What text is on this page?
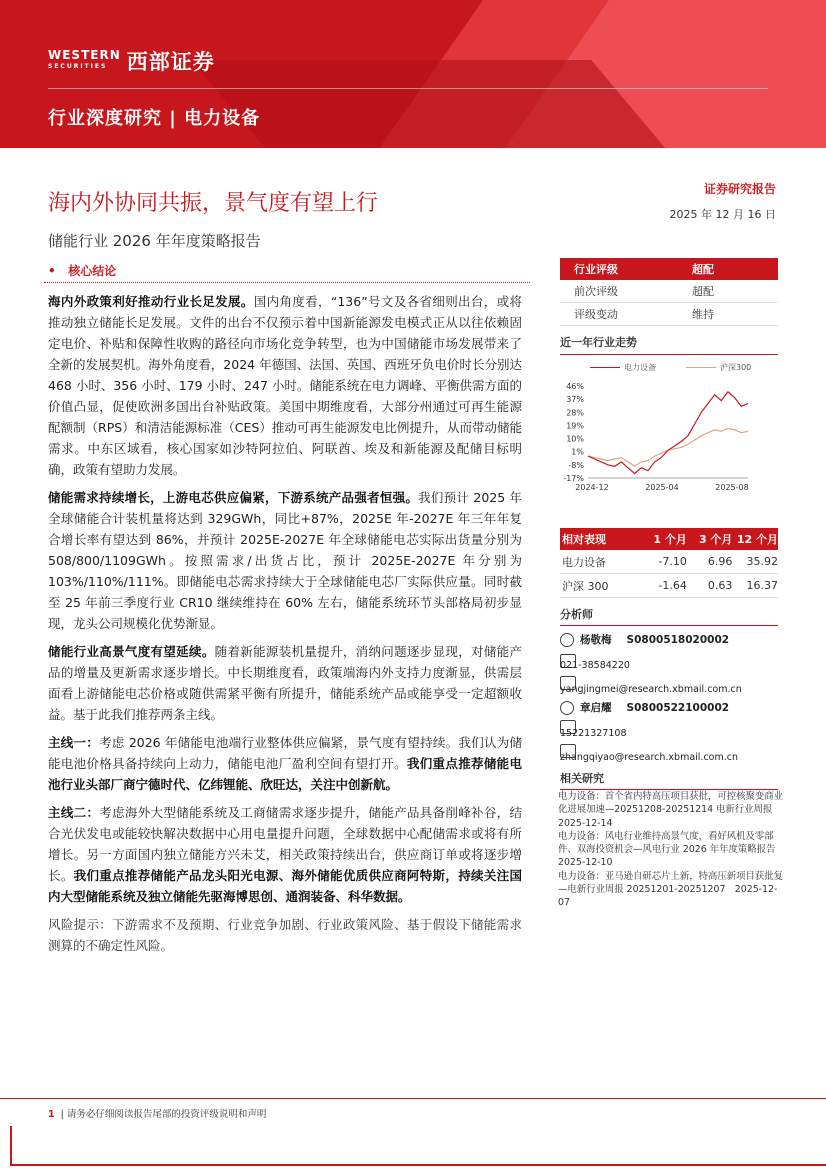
WESTERN
SECURITIES 西部证券
行业深度研究 | 电力设备
海内外协同共振，景气度有望上行
储能行业 2026 年年度策略报告
证券研究报告
2025 年 12 月 16 日
•   核心结论

海内外政策利好推动行业长足发展。国内角度看，“136”号文及各省细则出台，或将推动独立储能长足发展。文件的出台不仅预示着中国新能源发电模式正从以往依赖固定电价、补贴和保障性收购的路径向市场化竞争转型，也为中国储能市场发展带来了全新的发展契机。海外角度看，2024 年德国、法国、英国、西班牙负电价时长分别达 468 小时、356 小时、179 小时、247 小时。储能系统在电力调峰、平衡供需方面的价值凸显，促使欧洲多国出台补贴政策。美国中期维度看，大部分州通过可再生能源配额制（RPS）和清洁能源标准（CES）推动可再生能源发电比例提升，从而带动储能需求。中东区域看，核心国家如沙特阿拉伯、阿联酋、埃及和新能源及配储目标明确，政策有望助力发展。

储能需求持续增长，上游电芯供应偏紧，下游系统产品强者恒强。我们预计 2025 年全球储能合计装机量将达到 329GWh，同比+87%，2025E 年-2027E 年三年年复合增长率有望达到 86%，并预计 2025E-2027E 年全球储能电芯实际出货量分别为 508/800/1109GWh。按照需求/出货占比，预计 2025E-2027E 年分别为 103%/110%/111%。即储能电芯需求持续大于全球储能电芯厂实际供应量。同时截至 25 年前三季度行业 CR10 继续维持在 60% 左右，储能系统环节头部格局初步显现，龙头公司规模化优势渐显。

储能行业高景气度有望延续。随着新能源装机量提升，消纳问题逐步显现，对储能产品的增量及更新需求逐步增长。中长期维度看，政策端海内外支持力度渐显，供需层面看上游储能电芯价格或随供需紧平衡有所提升，储能系统产品或能享受一定超额收益。基于此我们推荐两条主线。

主线一：考虑 2026 年储能电池端行业整体供应偏紧，景气度有望持续。我们认为储能电池价格具备持续向上动力，储能电池厂盈利空间有望打开。我们重点推荐储能电池行业头部厂商宁德时代、亿纬锂能、欣旺达，关注中创新航。

主线二：考虑海外大型储能系统及工商储需求逐步提升，储能产品具备削峰补谷，结合光伏发电或能较快解决数据中心用电量提升问题，全球数据中心配储需求或将有所增长。另一方面国内独立储能方兴未艾，相关政策持续出台，供应商订单或将逐步增长。我们重点推荐储能产品龙头阳光电源、海外储能优质供应商阿特斯，持续关注国内大型储能系统及独立储能先驱海博思创、通润装备、科华数据。

风险提示：下游需求不及预期、行业竞争加剧、行业政策风险、基于假设下储能需求测算的不确定性风险。

行业评级	超配
前次评级	超配
评级变动	维持
近一年行业走势
电力设备	沪深300
46%
37%
28%
19%
10%
1%
-8%
-17%
2024-12	2025-04	2025-08
相对表现	1 个月	3 个月 12 个月
电力设备	-7.10	6.96	35.92
沪深 300	-1.64	0.63	16.37
分析师
杨敬梅
S0800518020002
021-38584220
yangjingmei@research.xbmail.com.cn
章启耀
S0800522100002
15221327108
zhangqiyao@research.xbmail.com.cn
相关研究

电力设备：首个省内特高压项目获批，可控核聚变商业化进展加速—20251208-20251214 电新行业周报　2025-12-14

电力设备：风电行业维持高景气度，看好风机及零部件、双海投资机会—风电行业 2026 年年度策略报告　2025-12-10

电力设备：亚马逊自研芯片上新，特高压新项目获批复—电新行业周报 20251201-20251207　2025-12-07

1 | 请务必仔细阅读报告尾部的投资评级说明和声明
